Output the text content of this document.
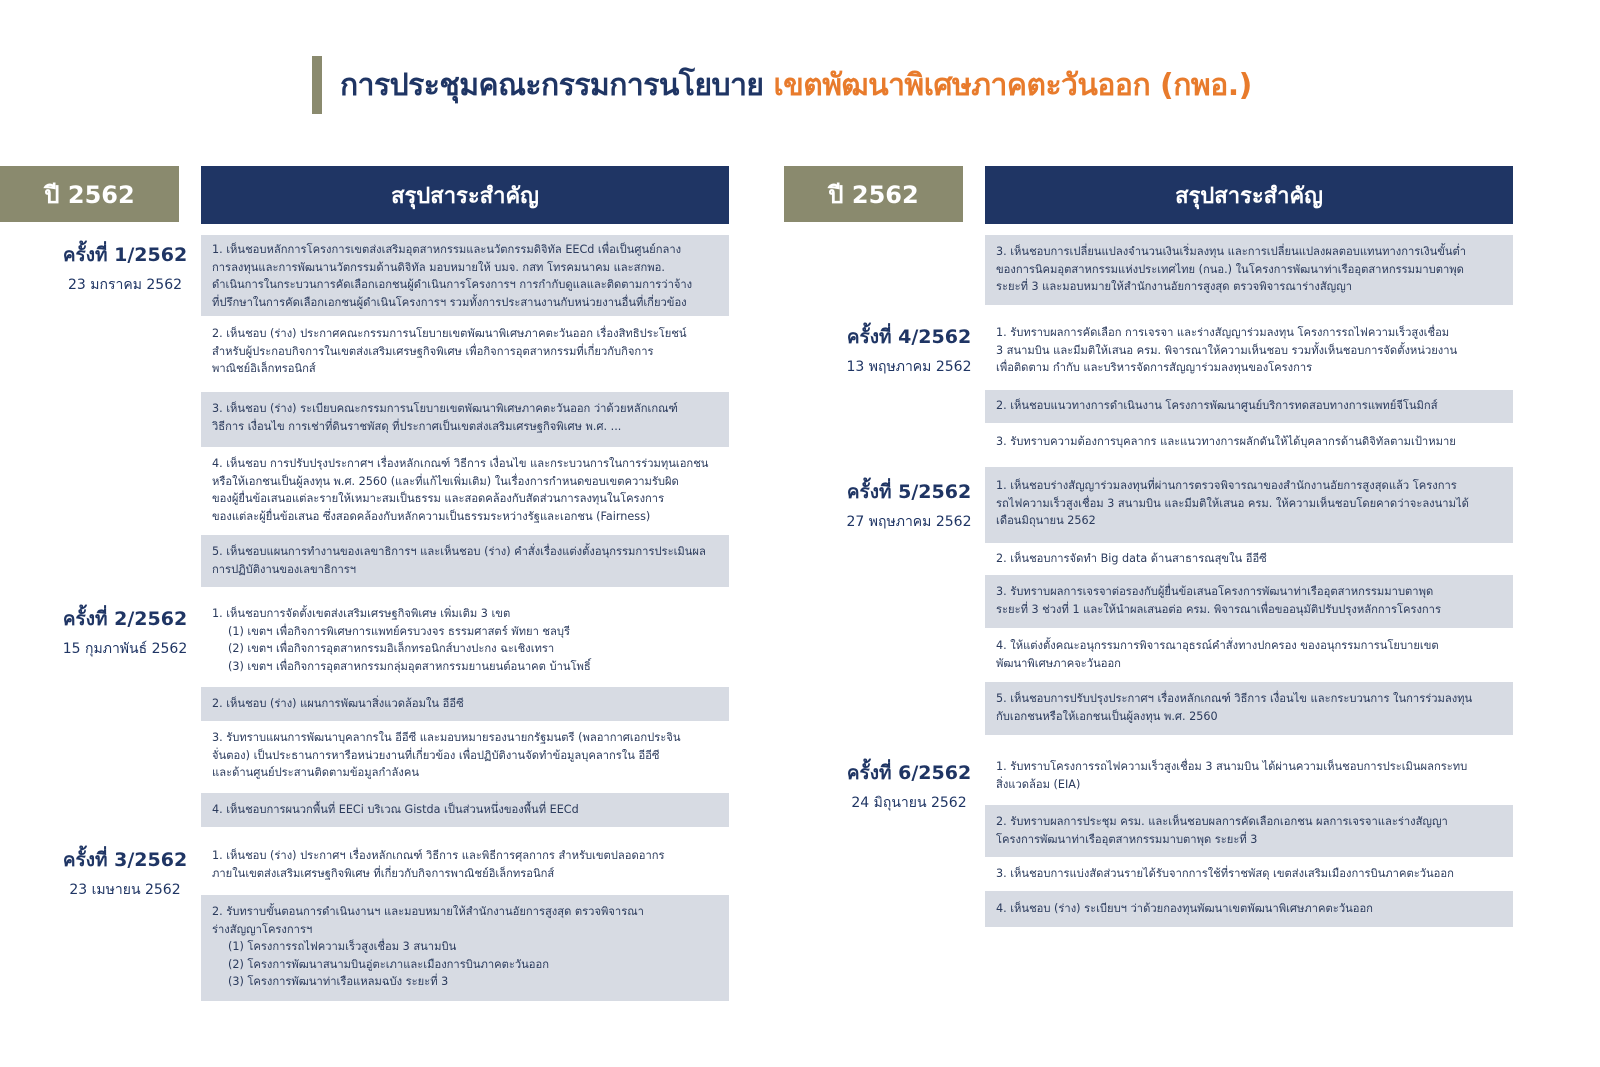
การประชุมคณะกรรมการนโยบาย เขตพัฒนาพิเศษภาคตะวันออก (กพอ.)
ปี 2562	สรุปสาระสำคัญ
ครั้งที่ 1/2562
23 มกราคม 2562
ครั้งที่ 2/2562
15 กุมภาพันธ์ 2562
ครั้งที่ 3/2562
23 เมษายน 2562
1. เห็นชอบหลักการโครงการเขตส่งเสริมอุตสาหกรรมและนวัตกรรมดิจิทัล EECd เพื่อเป็นศูนย์กลาง
การลงทุนและการพัฒนานวัตกรรมด้านดิจิทัล มอบหมายให้ บมจ. กสท โทรคมนาคม และสกพอ.
ดำเนินการในกระบวนการคัดเลือกเอกชนผู้ดำเนินการโครงการฯ การกำกับดูแลและติดตามการว่าจ้าง
ที่ปรึกษาในการคัดเลือกเอกชนผู้ดำเนินโครงการฯ รวมทั้งการประสานงานกับหน่วยงานอื่นที่เกี่ยวข้อง
2. เห็นชอบ (ร่าง) ประกาศคณะกรรมการนโยบายเขตพัฒนาพิเศษภาคตะวันออก เรื่องสิทธิประโยชน์
สำหรับผู้ประกอบกิจการในเขตส่งเสริมเศรษฐกิจพิเศษ เพื่อกิจการอุตสาหกรรมที่เกี่ยวกับกิจการ
พาณิชย์อิเล็กทรอนิกส์
3. เห็นชอบ (ร่าง) ระเบียบคณะกรรมการนโยบายเขตพัฒนาพิเศษภาคตะวันออก ว่าด้วยหลักเกณฑ์
วิธีการ เงื่อนไข การเช่าที่ดินราชพัสดุ ที่ประกาศเป็นเขตส่งเสริมเศรษฐกิจพิเศษ พ.ศ. ...
4. เห็นชอบ การปรับปรุงประกาศฯ เรื่องหลักเกณฑ์ วิธีการ เงื่อนไข และกระบวนการในการร่วมทุนเอกชน
หรือให้เอกชนเป็นผู้ลงทุน พ.ศ. 2560 (และที่แก้ไขเพิ่มเติม) ในเรื่องการกำหนดขอบเขตความรับผิด
ของผู้ยื่นข้อเสนอแต่ละรายให้เหมาะสมเป็นธรรม และสอดคล้องกับสัดส่วนการลงทุนในโครงการ
ของแต่ละผู้ยื่นข้อเสนอ ซึ่งสอดคล้องกับหลักความเป็นธรรมระหว่างรัฐและเอกชน (Fairness)
5. เห็นชอบแผนการทำงานของเลขาธิการฯ และเห็นชอบ (ร่าง) คำสั่งเรื่องแต่งตั้งอนุกรรมการประเมินผล
การปฏิบัติงานของเลขาธิการฯ
1. เห็นชอบการจัดตั้งเขตส่งเสริมเศรษฐกิจพิเศษ เพิ่มเติม 3 เขต
(1) เขตฯ เพื่อกิจการพิเศษการแพทย์ครบวงจร ธรรมศาสตร์ พัทยา ชลบุรี
(2) เขตฯ เพื่อกิจการอุตสาหกรรมอิเล็กทรอนิกส์บางปะกง ฉะเชิงเทรา
(3) เขตฯ เพื่อกิจการอุตสาหกรรมกลุ่มอุตสาหกรรมยานยนต์อนาคต บ้านโพธิ์
2. เห็นชอบ (ร่าง) แผนการพัฒนาสิ่งแวดล้อมใน อีอีซี
3. รับทราบแผนการพัฒนาบุคลากรใน อีอีซี และมอบหมายรองนายกรัฐมนตรี (พลอากาศเอกประจิน
จั่นตอง) เป็นประธานการหารือหน่วยงานที่เกี่ยวข้อง เพื่อปฏิบัติงานจัดทำข้อมูลบุคลากรใน อีอีซี
และด้านศูนย์ประสานติดตามข้อมูลกำลังคน
4. เห็นชอบการผนวกพื้นที่ EECi บริเวณ Gistda เป็นส่วนหนึ่งของพื้นที่ EECd
1. เห็นชอบ (ร่าง) ประกาศฯ เรื่องหลักเกณฑ์ วิธีการ และพิธีการศุลกากร สำหรับเขตปลอดอากร
ภายในเขตส่งเสริมเศรษฐกิจพิเศษ ที่เกี่ยวกับกิจการพาณิชย์อิเล็กทรอนิกส์
2. รับทราบขั้นตอนการดำเนินงานฯ และมอบหมายให้สำนักงานอัยการสูงสุด ตรวจพิจารณา
ร่างสัญญาโครงการฯ
(1) โครงการรถไฟความเร็วสูงเชื่อม 3 สนามบิน
(2) โครงการพัฒนาสนามบินอู่ตะเภาและเมืองการบินภาคตะวันออก
(3) โครงการพัฒนาท่าเรือแหลมฉบัง ระยะที่ 3
ปี 2562	สรุปสาระสำคัญ
ครั้งที่ 4/2562
13 พฤษภาคม 2562
ครั้งที่ 5/2562
27 พฤษภาคม 2562
ครั้งที่ 6/2562
24 มิถุนายน 2562
3. เห็นชอบการเปลี่ยนแปลงจำนวนเงินเริ่มลงทุน และการเปลี่ยนแปลงผลตอบแทนทางการเงินขั้นต่ำ
ของการนิคมอุตสาหกรรมแห่งประเทศไทย (กนอ.) ในโครงการพัฒนาท่าเรืออุตสาหกรรมมาบตาพุด
ระยะที่ 3 และมอบหมายให้สำนักงานอัยการสูงสุด ตรวจพิจารณาร่างสัญญา
1. รับทราบผลการคัดเลือก การเจรจา และร่างสัญญาร่วมลงทุน โครงการรถไฟความเร็วสูงเชื่อม
3 สนามบิน และมีมติให้เสนอ ครม. พิจารณาให้ความเห็นชอบ รวมทั้งเห็นชอบการจัดตั้งหน่วยงาน
เพื่อติดตาม กำกับ และบริหารจัดการสัญญาร่วมลงทุนของโครงการ
2. เห็นชอบแนวทางการดำเนินงาน โครงการพัฒนาศูนย์บริการทดสอบทางการแพทย์จีโนมิกส์
3. รับทราบความต้องการบุคลากร และแนวทางการผลักดันให้ได้บุคลากรด้านดิจิทัลตามเป้าหมาย
1. เห็นชอบร่างสัญญาร่วมลงทุนที่ผ่านการตรวจพิจารณาของสำนักงานอัยการสูงสุดแล้ว โครงการ
รถไฟความเร็วสูงเชื่อม 3 สนามบิน และมีมติให้เสนอ ครม. ให้ความเห็นชอบโดยคาดว่าจะลงนามได้
เดือนมิถุนายน 2562
2. เห็นชอบการจัดทำ Big data ด้านสาธารณสุขใน อีอีซี
3. รับทราบผลการเจรจาต่อรองกับผู้ยื่นข้อเสนอโครงการพัฒนาท่าเรืออุตสาหกรรมมาบตาพุด
ระยะที่ 3 ช่วงที่ 1 และให้นำผลเสนอต่อ ครม. พิจารณาเพื่อขออนุมัติปรับปรุงหลักการโครงการ
4. ให้แต่งตั้งคณะอนุกรรมการพิจารณาอุธรณ์คำสั่งทางปกครอง ของอนุกรรมการนโยบายเขต
พัฒนาพิเศษภาคจะวันออก
5. เห็นชอบการปรับปรุงประกาศฯ เรื่องหลักเกณฑ์ วิธีการ เงื่อนไข และกระบวนการ ในการร่วมลงทุน
กับเอกชนหรือให้เอกชนเป็นผู้ลงทุน พ.ศ. 2560
1. รับทราบโครงการรถไฟความเร็วสูงเชื่อม 3 สนามบิน ได้ผ่านความเห็นชอบการประเมินผลกระทบ
สิ่งแวดล้อม (EIA)
2. รับทราบผลการประชุม ครม. และเห็นชอบผลการคัดเลือกเอกชน ผลการเจรจาและร่างสัญญา
โครงการพัฒนาท่าเรืออุตสาหกรรมมาบตาพุด ระยะที่ 3
3. เห็นชอบการแบ่งสัดส่วนรายได้รับจากการใช้ที่ราชพัสดุ เขตส่งเสริมเมืองการบินภาคตะวันออก
4. เห็นชอบ (ร่าง) ระเบียบฯ ว่าด้วยกองทุนพัฒนาเขตพัฒนาพิเศษภาคตะวันออก
